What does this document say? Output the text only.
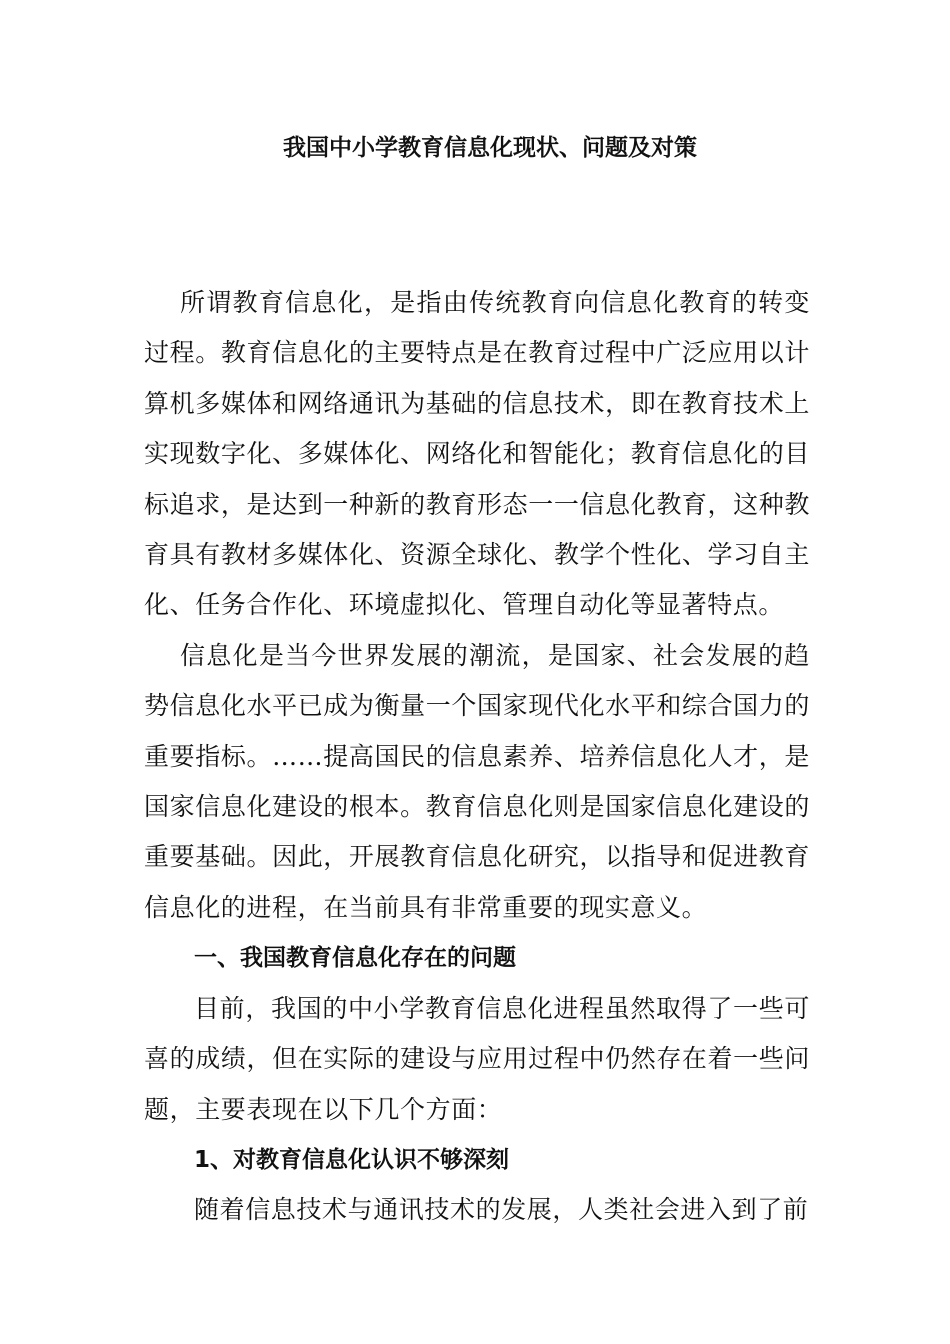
我国中小学教育信息化现状、问题及对策

所谓教育信息化，是指由传统教育向信息化教育的转变过程。教育信息化的主要特点是在教育过程中广泛应用以计算机多媒体和网络通讯为基础的信息技术，即在教育技术上实现数字化、多媒体化、网络化和智能化；教育信息化的目标追求，是达到一种新的教育形态一一信息化教育，这种教育具有教材多媒体化、资源全球化、教学个性化、学习自主化、任务合作化、环境虚拟化、管理自动化等显著特点。

信息化是当今世界发展的潮流，是国家、社会发展的趋势信息化水平已成为衡量一个国家现代化水平和综合国力的重要指标。……提高国民的信息素养、培养信息化人才，是国家信息化建设的根本。教育信息化则是国家信息化建设的重要基础。因此，开展教育信息化研究，以指导和促进教育信息化的进程，在当前具有非常重要的现实意义。

一、我国教育信息化存在的问题

目前，我国的中小学教育信息化进程虽然取得了一些可喜的成绩，但在实际的建设与应用过程中仍然存在着一些问题，主要表现在以下几个方面：

1、对教育信息化认识不够深刻

随着信息技术与通讯技术的发展，人类社会进入到了前
